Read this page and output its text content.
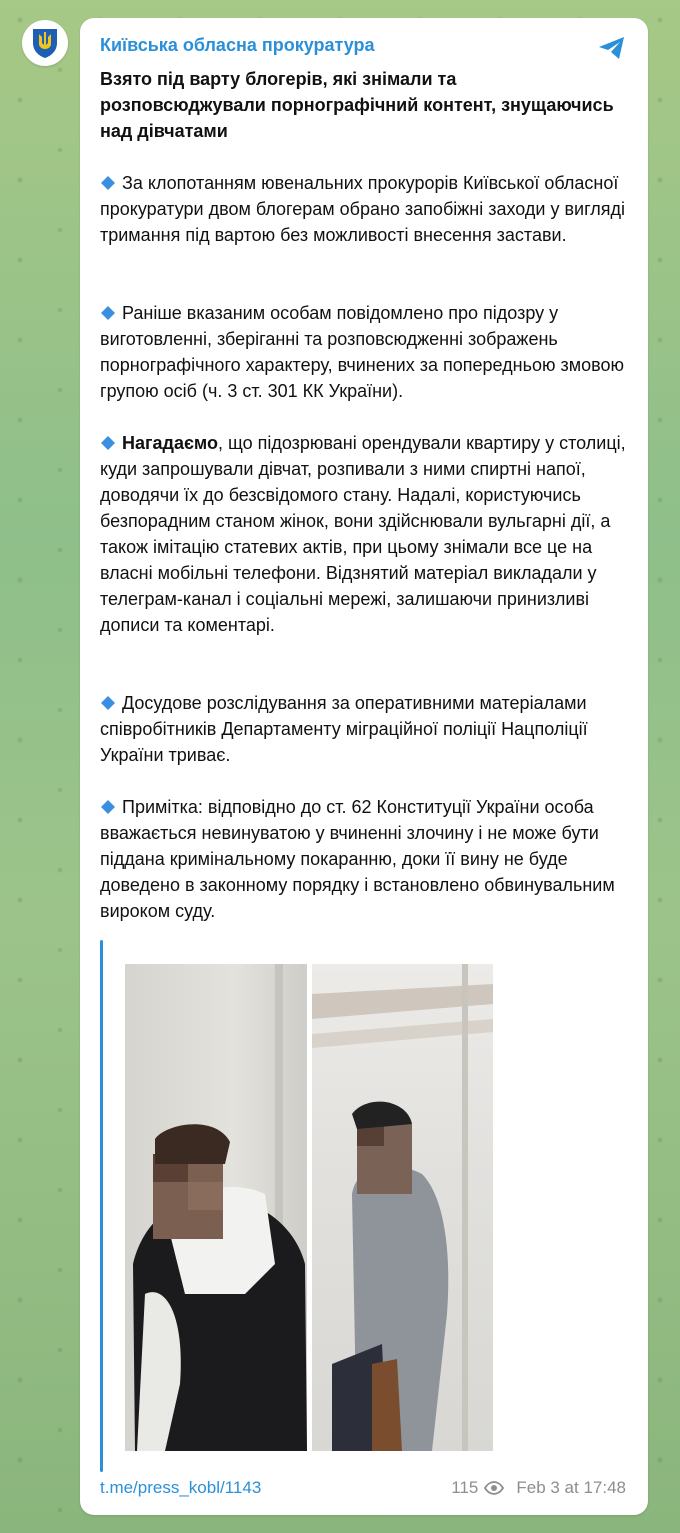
Київська обласна прокуратура
Взято під варту блогерів, які знімали та розповсюджували порнографічний контент, знущаючись над дівчатами
За клопотанням ювенальних прокурорів Київської обласної прокуратури двом блогерам обрано запобіжні заходи у вигляді тримання під вартою без можливості внесення застави.
Раніше вказаним особам повідомлено про підозру у виготовленні, зберіганні та розповсюдженні зображень порнографічного характеру, вчинених за попередньою змовою групою осіб (ч. 3 ст. 301 КК України).
Нагадаємо, що підозрювані орендували квартиру у столиці, куди запрошували дівчат, розпивали з ними спиртні напої, доводячи їх до безсвідомого стану. Надалі, користуючись безпорадним станом жінок, вони здійснювали вульгарні дії, а також імітацію статевих актів, при цьому знімали все це на власні мобільні телефони. Відзнятий матеріал викладали у телеграм-канал і соціальні мережі, залишаючи принизливі дописи та коментарі.
Досудове розслідування за оперативними матеріалами співробітників Департаменту міграційної поліції Нацполіції України триває.
Примітка: відповідно до ст. 62 Конституції України особа вважається невинуватою у вчиненні злочину і не може бути піддана кримінальному покаранню, доки її вину не буде доведено в законному порядку і встановлено обвинувальним вироком суду.
t.me/press_kobl/1143	115 Feb 3 at 17:48
